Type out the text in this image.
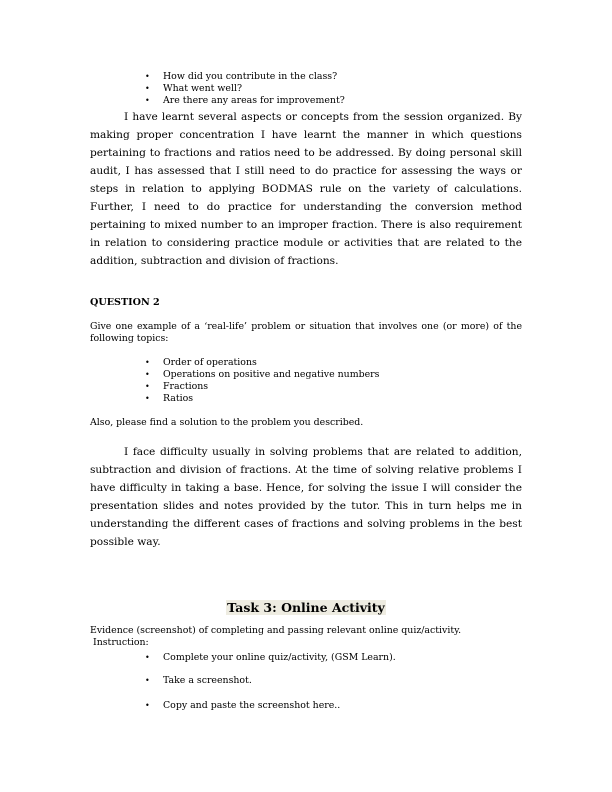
• How did you contribute in the class?
• What went well?
• Are there any areas for improvement?

I have learnt several aspects or concepts from the session organized. By making proper concentration I have learnt the manner in which questions pertaining to fractions and ratios need to be addressed. By doing personal skill audit, I has assessed that I still need to do practice for assessing the ways or steps in relation to applying BODMAS rule on the variety of calculations. Further, I need to do practice for understanding the conversion method pertaining to mixed number to an improper fraction. There is also requirement in relation to considering practice module or activities that are related to the addition, subtraction and division of fractions.

QUESTION 2

Give one example of a ‘real-life’ problem or situation that involves one (or more) of the following topics:

• Order of operations
• Operations on positive and negative numbers
• Fractions
• Ratios

Also, please find a solution to the problem you described.

I face difficulty usually in solving problems that are related to addition, subtraction and division of fractions. At the time of solving relative problems I have difficulty in taking a base. Hence, for solving the issue I will consider the presentation slides and notes provided by the tutor. This in turn helps me in understanding the different cases of fractions and solving problems in the best possible way.

Task 3: Online Activity
Evidence (screenshot) of completing and passing relevant online quiz/activity.
Instruction:
• Complete your online quiz/activity, (GSM Learn).
• Take a screenshot.
• Copy and paste the screenshot here..
